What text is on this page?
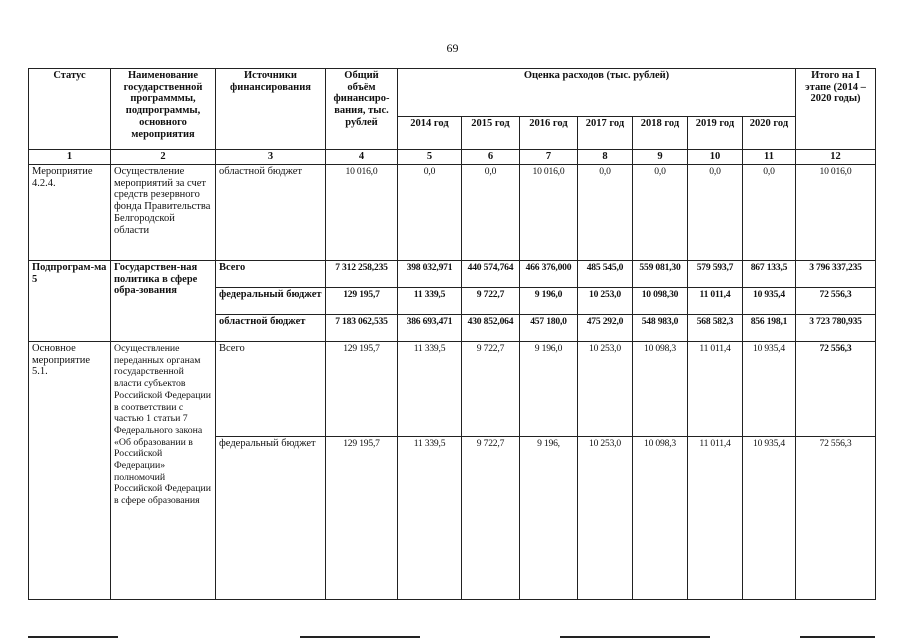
69
Статус	Наименование государственной программмы, подпрограммы, основного мероприятия	Источники финансирования	Общий объём финансиро-вания, тыс. рублей	Оценка расходов (тыс. рублей)							Итого на I этапе (2014 – 2020 годы)
				2014 год	2015 год	2016 год	2017 год	2018 год	2019 год	2020 год	
1	2	3	4	5	6	7	8	9	10	11	12
Мероприятие 4.2.4.	Осуществление мероприятий за счет средств резервного фонда Правительства Белгородской области	областной бюджет	10 016,0	0,0	0,0	10 016,0	0,0	0,0	0,0	0,0	10 016,0
Подпрограм-ма 5	Государствен-ная политика в сфере обра-зования	Всего	7 312 258,235	398 032,971	440 574,764	466 376,000	485 545,0	559 081,30	579 593,7	867 133,5	3 796 337,235
		федеральный бюджет	129 195,7	11 339,5	9 722,7	9 196,0	10 253,0	10 098,30	11 011,4	10 935,4	72 556,3
		областной бюджет	7 183 062,535	386 693,471	430 852,064	457 180,0	475 292,0	548 983,0	568 582,3	856 198,1	3 723 780,935
Основное мероприятие 5.1.	Осуществление переданных органам государственной власти субъектов Российской Федерации в соответствии с частью 1 статьи 7 Федерального закона «Об образовании в Российской Федерации» полномочий Российской Федерации в сфере образования	Всего	129 195,7	11 339,5	9 722,7	9 196,0	10 253,0	10 098,3	11 011,4	10 935,4	72 556,3
		федеральный бюджет	129 195,7	11 339,5	9 722,7	9 196,	10 253,0	10 098,3	11 011,4	10 935,4	72 556,3
